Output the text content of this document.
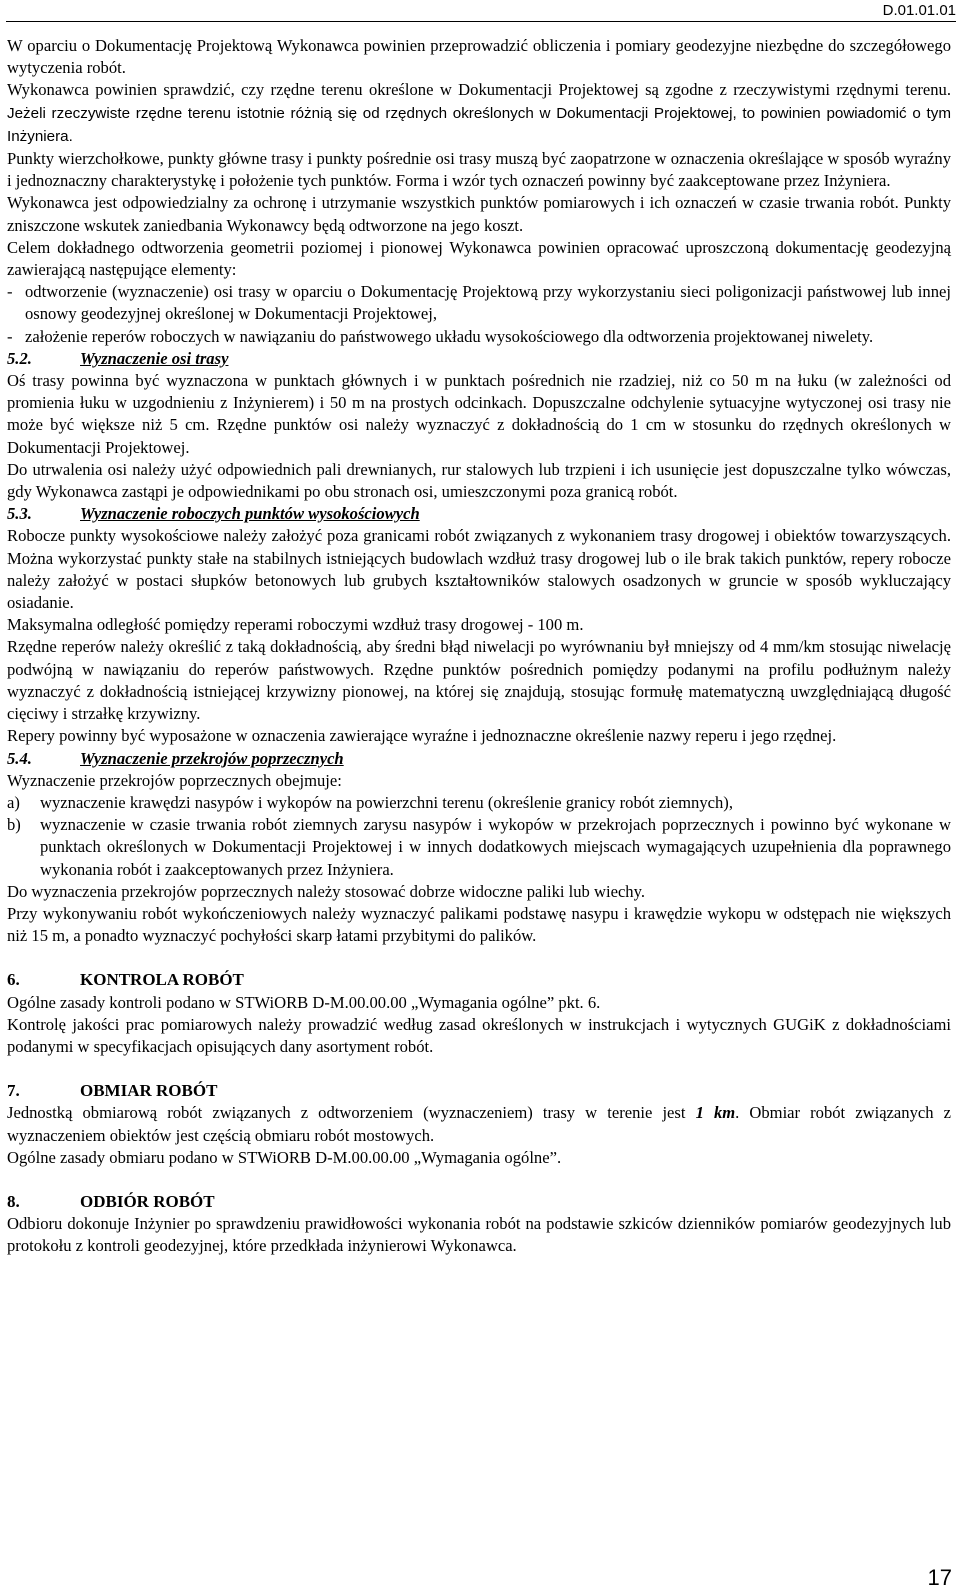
D.01.01.01

W oparciu o Dokumentację Projektową Wykonawca powinien przeprowadzić obliczenia i pomiary geodezyjne niezbędne do szczegółowego wytyczenia robót.

Wykonawca powinien sprawdzić, czy rzędne terenu określone w Dokumentacji Projektowej są zgodne z rzeczywistymi rzędnymi terenu. Jeżeli rzeczywiste rzędne terenu istotnie różnią się od rzędnych określonych w Dokumentacji Projektowej, to powinien powiadomić o tym Inżyniera.

Punkty wierzchołkowe, punkty główne trasy i punkty pośrednie osi trasy muszą być zaopatrzone w oznaczenia określające w sposób wyraźny i jednoznaczny charakterystykę i położenie tych punktów. Forma i wzór tych oznaczeń powinny być zaakceptowane przez Inżyniera.

Wykonawca jest odpowiedzialny za ochronę i utrzymanie wszystkich punktów pomiarowych i ich oznaczeń w czasie trwania robót. Punkty zniszczone wskutek zaniedbania Wykonawcy będą odtworzone na jego koszt.

Celem dokładnego odtworzenia geometrii poziomej i pionowej Wykonawca powinien opracować uproszczoną dokumentację geodezyjną zawierającą następujące elementy:

- odtworzenie (wyznaczenie) osi trasy w oparciu o Dokumentację Projektową przy wykorzystaniu sieci poligonizacji państwowej lub innej osnowy geodezyjnej określonej w Dokumentacji Projektowej,
- założenie reperów roboczych w nawiązaniu do państwowego układu wysokościowego dla odtworzenia projektowanej niwelety.
5.2.	Wyznaczenie osi trasy

Oś trasy powinna być wyznaczona w punktach głównych i w punktach pośrednich nie rzadziej, niż co 50 m na łuku (w zależności od promienia łuku w uzgodnieniu z Inżynierem) i 50 m na prostych odcinkach. Dopuszczalne odchylenie sytuacyjne wytyczonej osi trasy nie może być większe niż 5 cm. Rzędne punktów osi należy wyznaczyć z dokładnością do 1 cm w stosunku do rzędnych określonych w Dokumentacji Projektowej.

Do utrwalenia osi należy użyć odpowiednich pali drewnianych, rur stalowych lub trzpieni i ich usunięcie jest dopuszczalne tylko wówczas, gdy Wykonawca zastąpi je odpowiednikami po obu stronach osi, umieszczonymi poza granicą robót.

5.3.	Wyznaczenie roboczych punktów wysokościowych

Robocze punkty wysokościowe należy założyć poza granicami robót związanych z wykonaniem trasy drogowej i obiektów towarzyszących. Można wykorzystać punkty stałe na stabilnych istniejących budowlach wzdłuż trasy drogowej lub o ile brak takich punktów, repery robocze należy założyć w postaci słupków betonowych lub grubych kształtowników stalowych osadzonych w gruncie w sposób wykluczający osiadanie.

Maksymalna odległość pomiędzy reperami roboczymi wzdłuż trasy drogowej - 100 m.

Rzędne reperów należy określić z taką dokładnością, aby średni błąd niwelacji po wyrównaniu był mniejszy od 4 mm/km stosując niwelację podwójną w nawiązaniu do reperów państwowych. Rzędne punktów pośrednich pomiędzy podanymi na profilu podłużnym należy wyznaczyć z dokładnością istniejącej krzywizny pionowej, na której się znajdują, stosując formułę matematyczną uwzględniającą długość cięciwy i strzałkę krzywizny.

Repery powinny być wyposażone w oznaczenia zawierające wyraźne i jednoznaczne określenie nazwy reperu i jego rzędnej.

5.4.	Wyznaczenie przekrojów poprzecznych

Wyznaczenie przekrojów poprzecznych obejmuje:

a)	wyznaczenie krawędzi nasypów i wykopów na powierzchni terenu (określenie granicy robót ziemnych),
b)	wyznaczenie w czasie trwania robót ziemnych zarysu nasypów i wykopów w przekrojach poprzecznych i powinno być wykonane w punktach określonych w Dokumentacji Projektowej i w innych dodatkowych miejscach wymagających uzupełnienia dla poprawnego wykonania robót i zaakceptowanych przez Inżyniera.

Do wyznaczenia przekrojów poprzecznych należy stosować dobrze widoczne paliki lub wiechy.

Przy wykonywaniu robót wykończeniowych należy wyznaczyć palikami podstawę nasypu i krawędzie wykopu w odstępach nie większych niż 15 m, a ponadto wyznaczyć pochyłości skarp łatami przybitymi do palików.

6.	KONTROLA ROBÓT

Ogólne zasady kontroli podano w STWiORB D-M.00.00.00 „Wymagania ogólne” pkt. 6.

Kontrolę jakości prac pomiarowych należy prowadzić według zasad określonych w instrukcjach i wytycznych GUGiK z dokładnościami podanymi w specyfikacjach opisujących dany asortyment robót.

7.	OBMIAR ROBÓT

Jednostką obmiarową robót związanych z odtworzeniem (wyznaczeniem) trasy w terenie jest 1 km. Obmiar robót związanych z wyznaczeniem obiektów jest częścią obmiaru robót mostowych.

Ogólne zasady obmiaru podano w STWiORB D-M.00.00.00 „Wymagania ogólne”.

8.	ODBIÓR ROBÓT

Odbioru dokonuje Inżynier po sprawdzeniu prawidłowości wykonania robót na podstawie szkiców dzienników pomiarów geodezyjnych lub protokołu z kontroli geodezyjnej, które przedkłada inżynierowi Wykonawca.

17
